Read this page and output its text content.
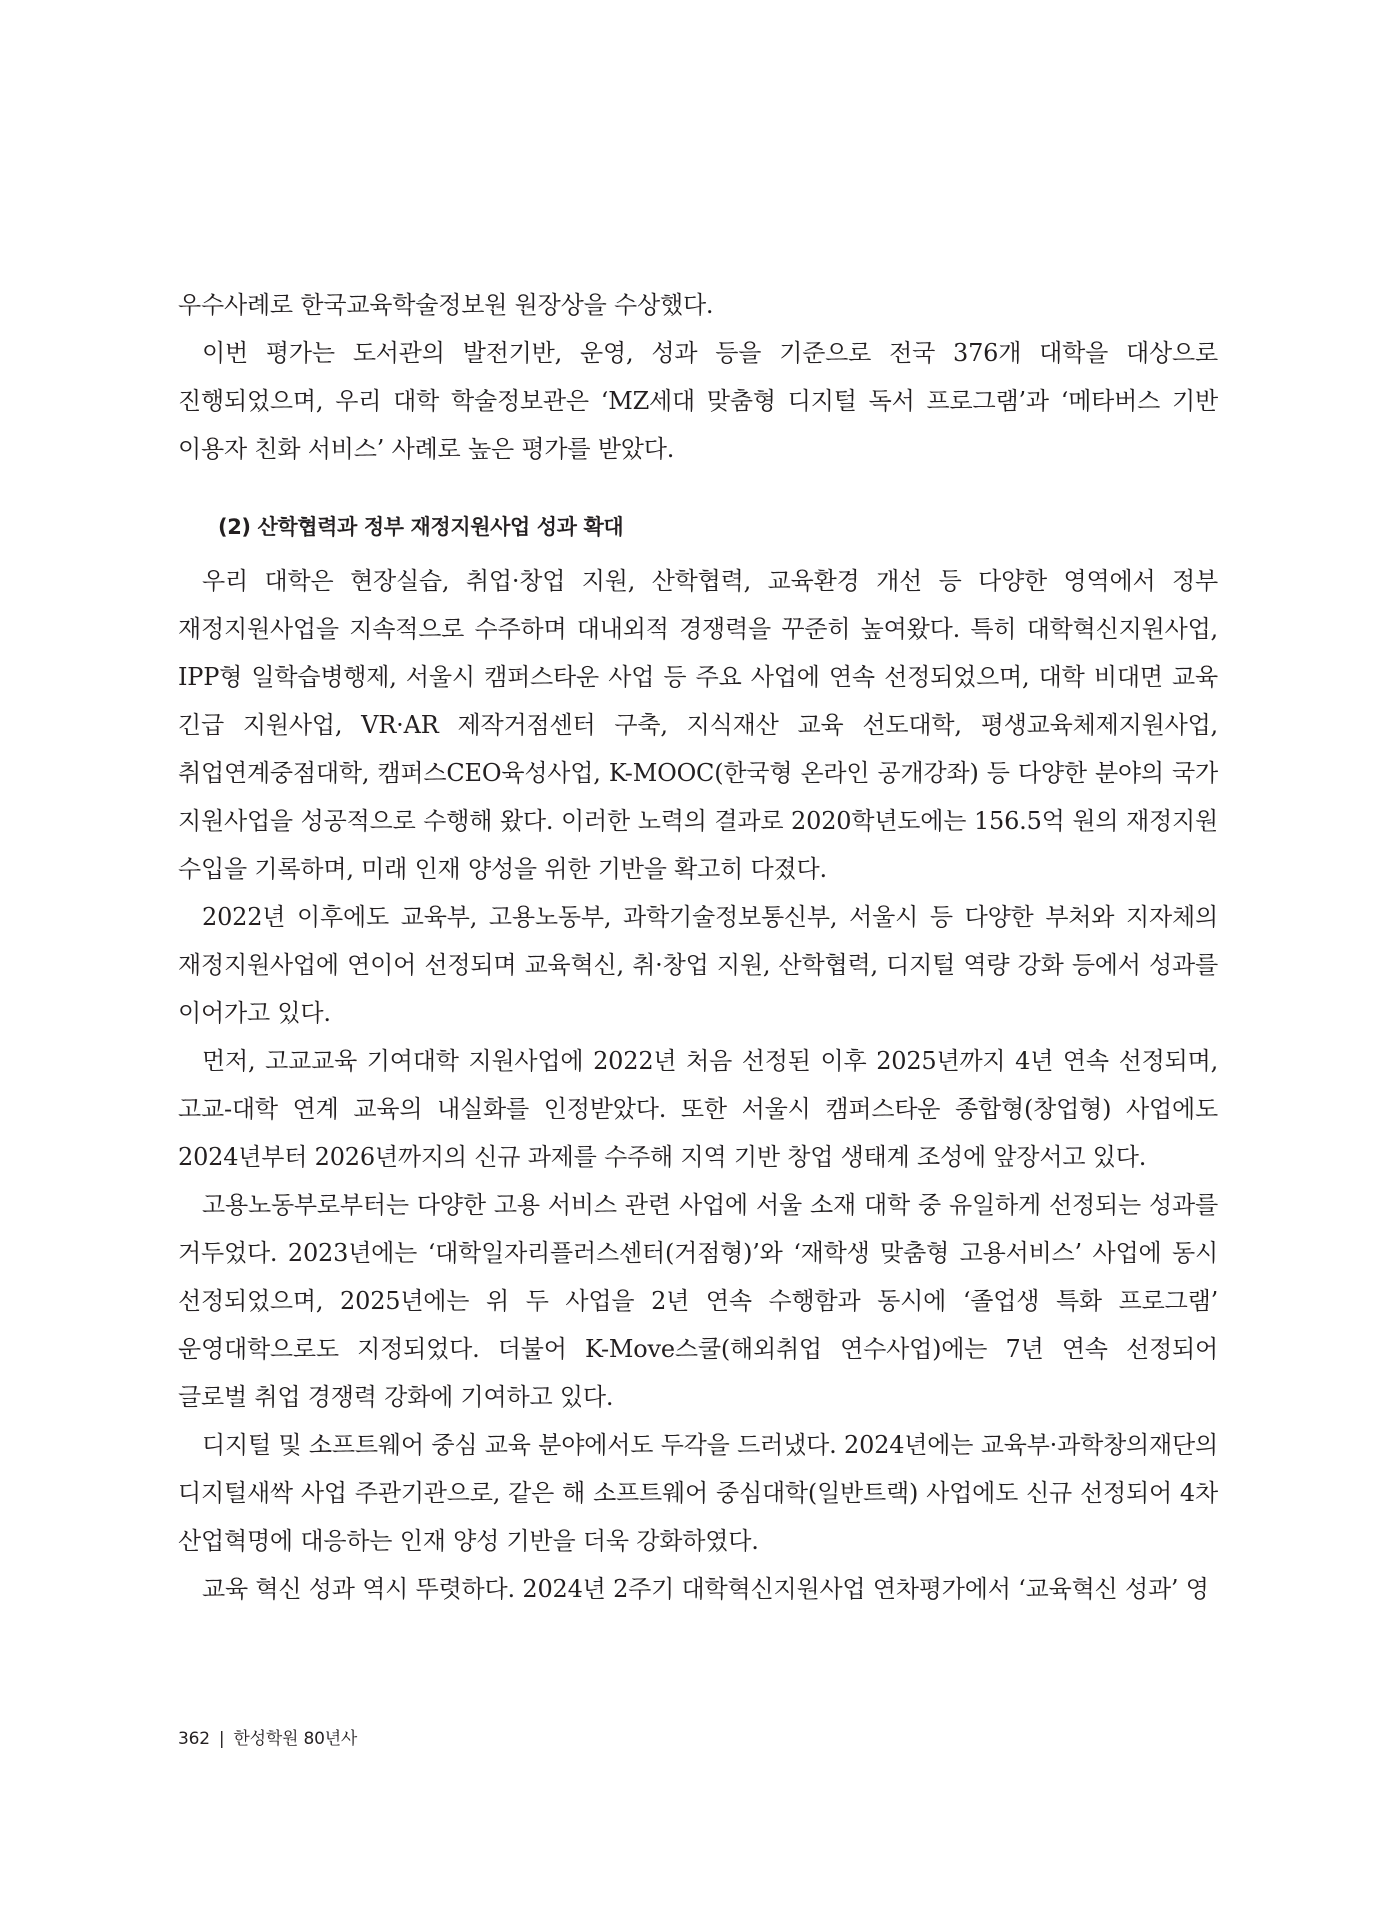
우수사례로 한국교육학술정보원 원장상을 수상했다.

이번 평가는 도서관의 발전기반, 운영, 성과 등을 기준으로 전국 376개 대학을 대상으로 진행되었으며, 우리 대학 학술정보관은 ‘MZ세대 맞춤형 디지털 독서 프로그램’과 ‘메타버스 기반 이용자 친화 서비스’ 사례로 높은 평가를 받았다.

(2) 산학협력과 정부 재정지원사업 성과 확대

우리 대학은 현장실습, 취업·창업 지원, 산학협력, 교육환경 개선 등 다양한 영역에서 정부 재정지원사업을 지속적으로 수주하며 대내외적 경쟁력을 꾸준히 높여왔다. 특히 대학혁신지원사업, IPP형 일학습병행제, 서울시 캠퍼스타운 사업 등 주요 사업에 연속 선정되었으며, 대학 비대면 교육 긴급 지원사업, VR·AR 제작거점센터 구축, 지식재산 교육 선도대학, 평생교육체제지원사업, 취업연계중점대학, 캠퍼스CEO육성사업, K-MOOC(한국형 온라인 공개강좌) 등 다양한 분야의 국가 지원사업을 성공적으로 수행해 왔다. 이러한 노력의 결과로 2020학년도에는 156.5억 원의 재정지원 수입을 기록하며, 미래 인재 양성을 위한 기반을 확고히 다졌다.

2022년 이후에도 교육부, 고용노동부, 과학기술정보통신부, 서울시 등 다양한 부처와 지자체의 재정지원사업에 연이어 선정되며 교육혁신, 취·창업 지원, 산학협력, 디지털 역량 강화 등에서 성과를 이어가고 있다.

먼저, 고교교육 기여대학 지원사업에 2022년 처음 선정된 이후 2025년까지 4년 연속 선정되며, 고교-대학 연계 교육의 내실화를 인정받았다. 또한 서울시 캠퍼스타운 종합형(창업형) 사업에도 2024년부터 2026년까지의 신규 과제를 수주해 지역 기반 창업 생태계 조성에 앞장서고 있다.

고용노동부로부터는 다양한 고용 서비스 관련 사업에 서울 소재 대학 중 유일하게 선정되는 성과를 거두었다. 2023년에는 ‘대학일자리플러스센터(거점형)’와 ‘재학생 맞춤형 고용서비스’ 사업에 동시 선정되었으며, 2025년에는 위 두 사업을 2년 연속 수행함과 동시에 ‘졸업생 특화 프로그램’ 운영대학으로도 지정되었다. 더불어 K-Move스쿨(해외취업 연수사업)에는 7년 연속 선정되어 글로벌 취업 경쟁력 강화에 기여하고 있다.

디지털 및 소프트웨어 중심 교육 분야에서도 두각을 드러냈다. 2024년에는 교육부·과학창의재단의 디지털새싹 사업 주관기관으로, 같은 해 소프트웨어 중심대학(일반트랙) 사업에도 신규 선정되어 4차 산업혁명에 대응하는 인재 양성 기반을 더욱 강화하였다.

교육 혁신 성과 역시 뚜렷하다. 2024년 2주기 대학혁신지원사업 연차평가에서 ‘교육혁신 성과’ 영

362 | 한성학원 80년사
